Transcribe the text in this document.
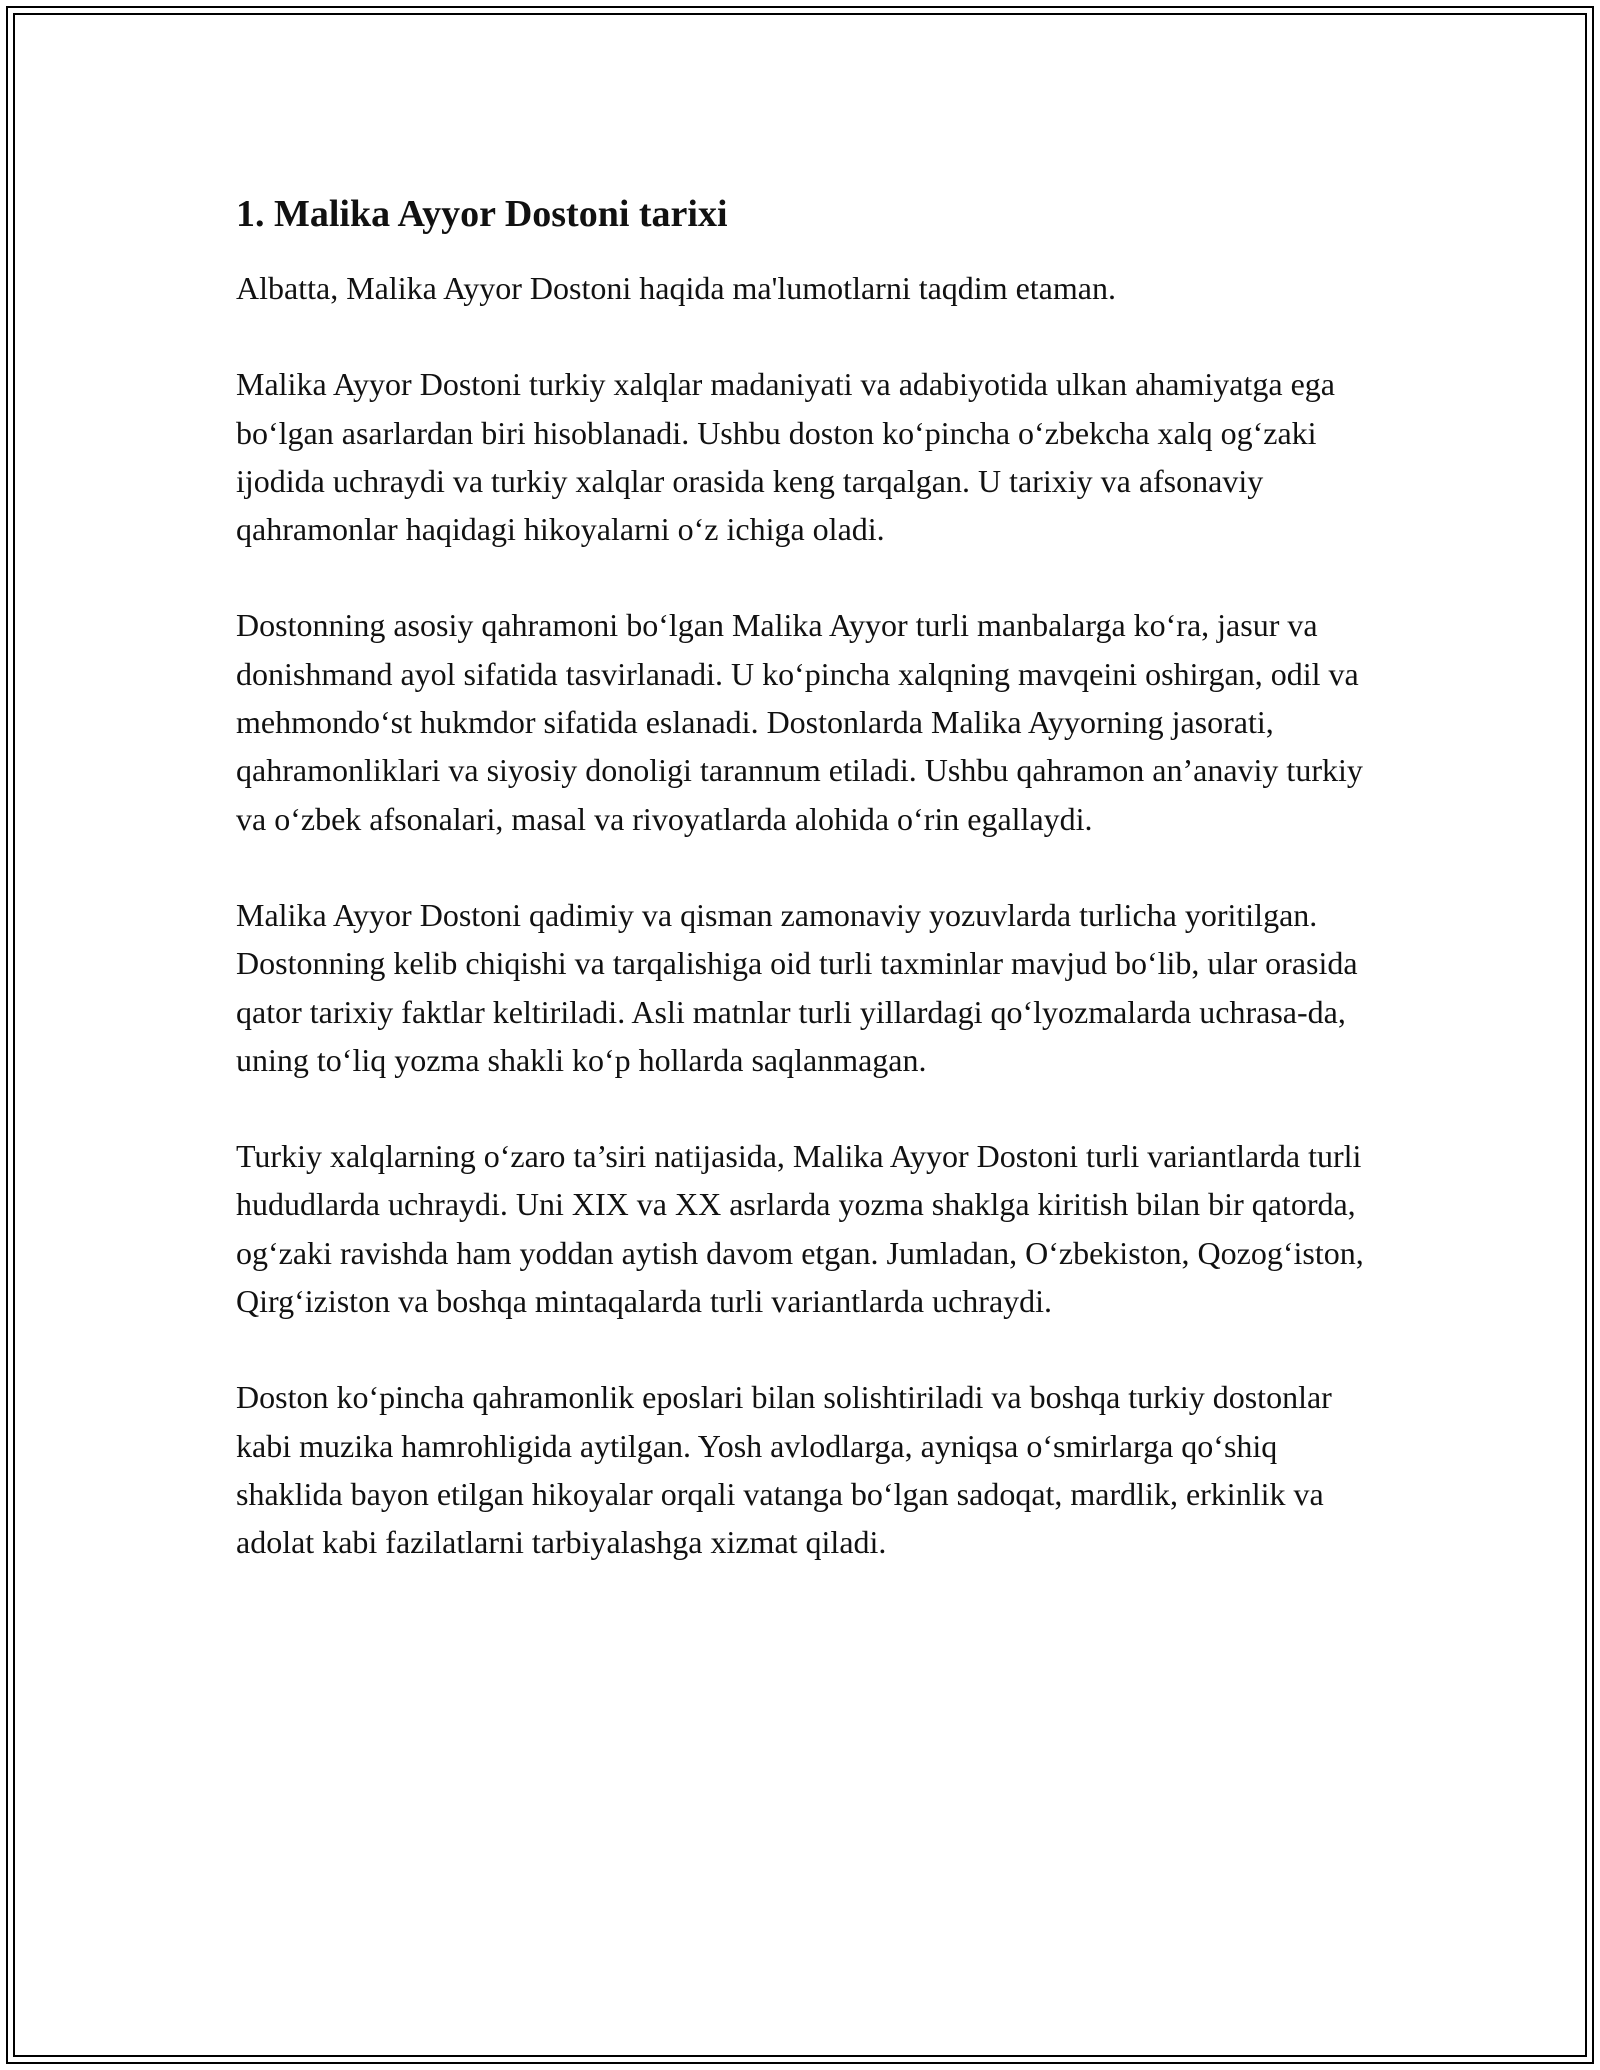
1. Malika Ayyor Dostoni tarixi

Albatta, Malika Ayyor Dostoni haqida ma'lumotlarni taqdim etaman.

Malika Ayyor Dostoni turkiy xalqlar madaniyati va adabiyotida ulkan ahamiyatga ega bo‘lgan asarlardan biri hisoblanadi. Ushbu doston ko‘pincha o‘zbekcha xalq og‘zaki ijodida uchraydi va turkiy xalqlar orasida keng tarqalgan. U tarixiy va afsonaviy qahramonlar haqidagi hikoyalarni o‘z ichiga oladi.

Dostonning asosiy qahramoni bo‘lgan Malika Ayyor turli manbalarga ko‘ra, jasur va donishmand ayol sifatida tasvirlanadi. U ko‘pincha xalqning mavqeini oshirgan, odil va mehmondo‘st hukmdor sifatida eslanadi. Dostonlarda Malika Ayyorning jasorati, qahramonliklari va siyosiy donoligi tarannum etiladi. Ushbu qahramon an’anaviy turkiy va o‘zbek afsonalari, masal va rivoyatlarda alohida o‘rin egallaydi.

Malika Ayyor Dostoni qadimiy va qisman zamonaviy yozuvlarda turlicha yoritilgan. Dostonning kelib chiqishi va tarqalishiga oid turli taxminlar mavjud bo‘lib, ular orasida qator tarixiy faktlar keltiriladi. Asli matnlar turli yillardagi qo‘lyozmalarda uchrasa-da, uning to‘liq yozma shakli ko‘p hollarda saqlanmagan.

Turkiy xalqlarning o‘zaro ta’siri natijasida, Malika Ayyor Dostoni turli variantlarda turli hududlarda uchraydi. Uni XIX va XX asrlarda yozma shaklga kiritish bilan bir qatorda, og‘zaki ravishda ham yoddan aytish davom etgan. Jumladan, O‘zbekiston, Qozog‘iston, Qirg‘iziston va boshqa mintaqalarda turli variantlarda uchraydi.

Doston ko‘pincha qahramonlik eposlari bilan solishtiriladi va boshqa turkiy dostonlar kabi muzika hamrohligida aytilgan. Yosh avlodlarga, ayniqsa o‘smirlarga qo‘shiq shaklida bayon etilgan hikoyalar orqali vatanga bo‘lgan sadoqat, mardlik, erkinlik va adolat kabi fazilatlarni tarbiyalashga xizmat qiladi.
